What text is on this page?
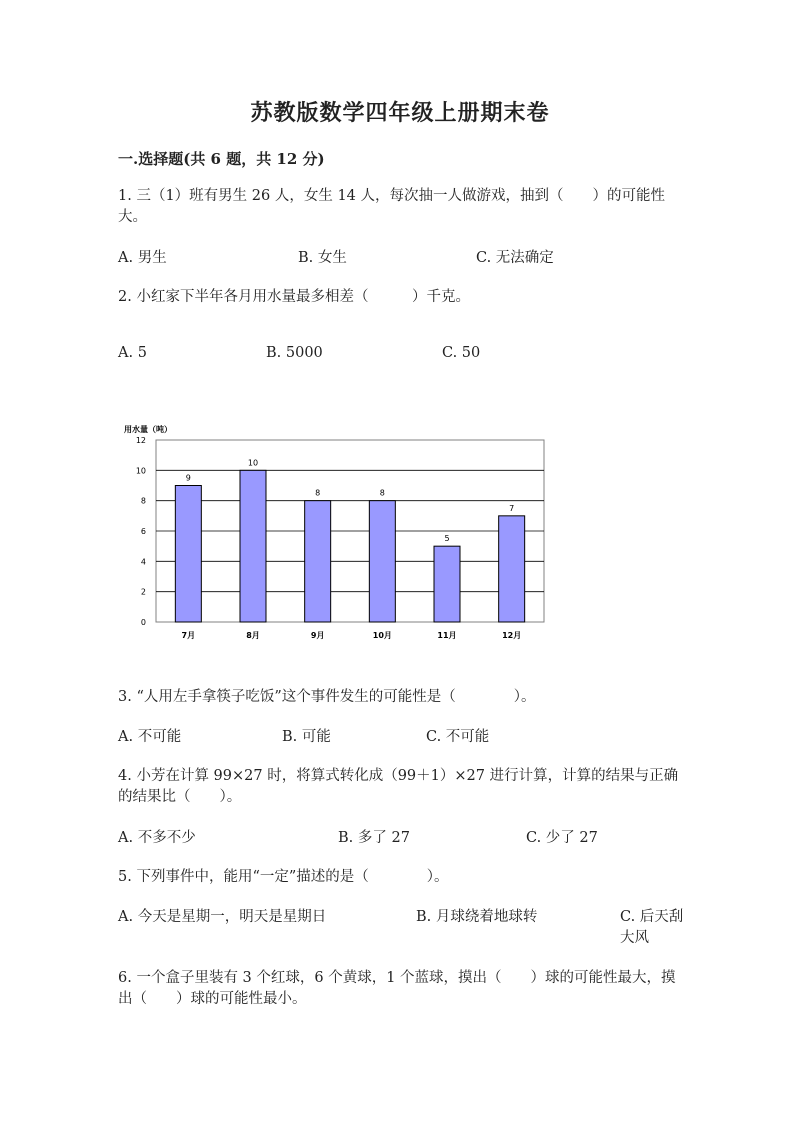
苏教版数学四年级上册期末卷
一.选择题(共 6 题，共 12 分)
1. 三（1）班有男生 26 人，女生 14 人，每次抽一人做游戏，抽到（　　）的可能性大。
A. 男生	B. 女生	C. 无法确定
2. 小红家下半年各月用水量最多相差（　　　）千克。
A. 5	B. 5000	C. 50
用水量（吨）
0
2
4
6
8
10
12
9
7月
10
8月
8
9月
8
10月
5
11月
7
12月
3. “人用左手拿筷子吃饭”这个事件发生的可能性是（　　　　）。
A. 不可能	B. 可能	C. 不可能
4. 小芳在计算 99×27 时，将算式转化成（99＋1）×27 进行计算，计算的结果与正确的结果比（　　）。
A. 不多不少	B. 多了 27	C. 少了 27
5. 下列事件中，能用“一定”描述的是（　　　　）。
A. 今天是星期一，明天是星期日	B. 月球绕着地球转	C. 后天刮大风
6. 一个盒子里装有 3 个红球，6 个黄球，1 个蓝球，摸出（　　）球的可能性最大，摸出（　　）球的可能性最小。
